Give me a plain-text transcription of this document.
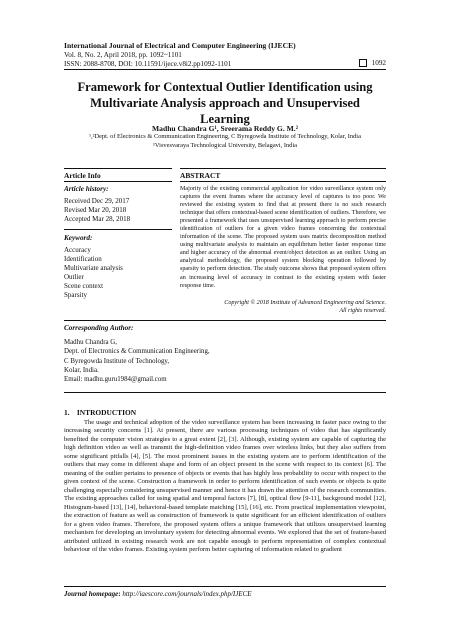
International Journal of Electrical and Computer Engineering (IJECE)
Vol. 8, No. 2, April 2018, pp. 1092~1101
ISSN: 2088-8708, DOI: 10.11591/ijece.v8i2.pp1092-1101	1092
Framework for Contextual Outlier Identification using
Multivariate Analysis approach and Unsupervised Learning
Madhu Chandra G¹, Sreerama Reddy G. M.²
¹,²Dept. of Electronics & Communication Engineering, C Byregowda Institute of Technology, Kolar, India
¹Visvesvaraya Technological University, Belagavi, India
Article Info	ABSTRACT
Article history:
Received Dec 29, 2017
Revised Mar 20, 2018
Accepted Mar 28, 2018
Keyword:
Accuracy
Identification
Multivariate analysis
Outlier
Scene context
Sparsity
Majority of the existing commercial application for video surveillance system only captures the event frames where the accuracy level of captures is too poor. We reviewed the existing system to find that at present there is no such research technique that offers contextual-based scene identification of outliers. Therefore, we presented a framework that uses unsupervised learning approach to perform precise identification of outliers for a given video frames concerning the contextual information of the scene. The proposed system uses matrix decomposition method using multivariate analysis to maintain an equilibrium better faster response time and higher accuracy of the abnormal event/object detection as an outlier. Using an analytical methodology, the proposed system blocking operation followed by sparsity to perform detection. The study outcome shows that proposed system offers an increasing level of accuracy in contrast to the existing system with faster response time.
Copyright © 2018 Institute of Advanced Engineering and Science.
All rights reserved.
Corresponding Author:
Madhu Chandra G,
Dept. of Electronics & Communication Engineering,
C Byregowda Institute of Technology,
Kolar, India.
Email: madhu.guru1984@gmail.com
1.    INTRODUCTION
The usage and technical adoption of the video surveillance system has been increasing in faster pace owing to the increasing security concerns [1]. At present, there are various processing techniques of video that has significantly benefited the computer vision strategies to a great extent [2], [3]. Although, existing system are capable of capturing the high definition video as well as transmit the high-definition video frames over wireless links, but they also suffers from some significant pitfalls [4], [5]. The most prominent issues in the existing system are to perform identification of the outliers that may come in different shape and form of an object present in the scene with respect to its context [6]. The meaning of the outlier pertains to presence of objects or events that has highly less probability to occur with respect to the given context of the scene. Construction a framework in order to perform identification of such events or objects is quite challenging especially considering unsupervised manner and hence it has drawn the attention of the research communities. The existing approaches called for using spatial and temporal factors [7], [8], optical flow [9-11], background model [12], Histogram-based [13], [14], behavioral-based template matching [15], [16], etc. From practical implementation viewpoint, the extraction of feature as well as construction of framework is quite significant for an efficient identification of outliers for a given video frames. Therefore, the proposed system offers a unique framework that utilizes unsupervised learning mechanism for developing an involuntary system for detecting abnormal events. We explored that the set of feature-based attributed utilized in existing research work are not capable enough to perform representation of complex contextual behaviour of the video frames. Existing system perform better capturing of information related to gradient
Journal homepage: http://iaescore.com/journals/index.php/IJECE
